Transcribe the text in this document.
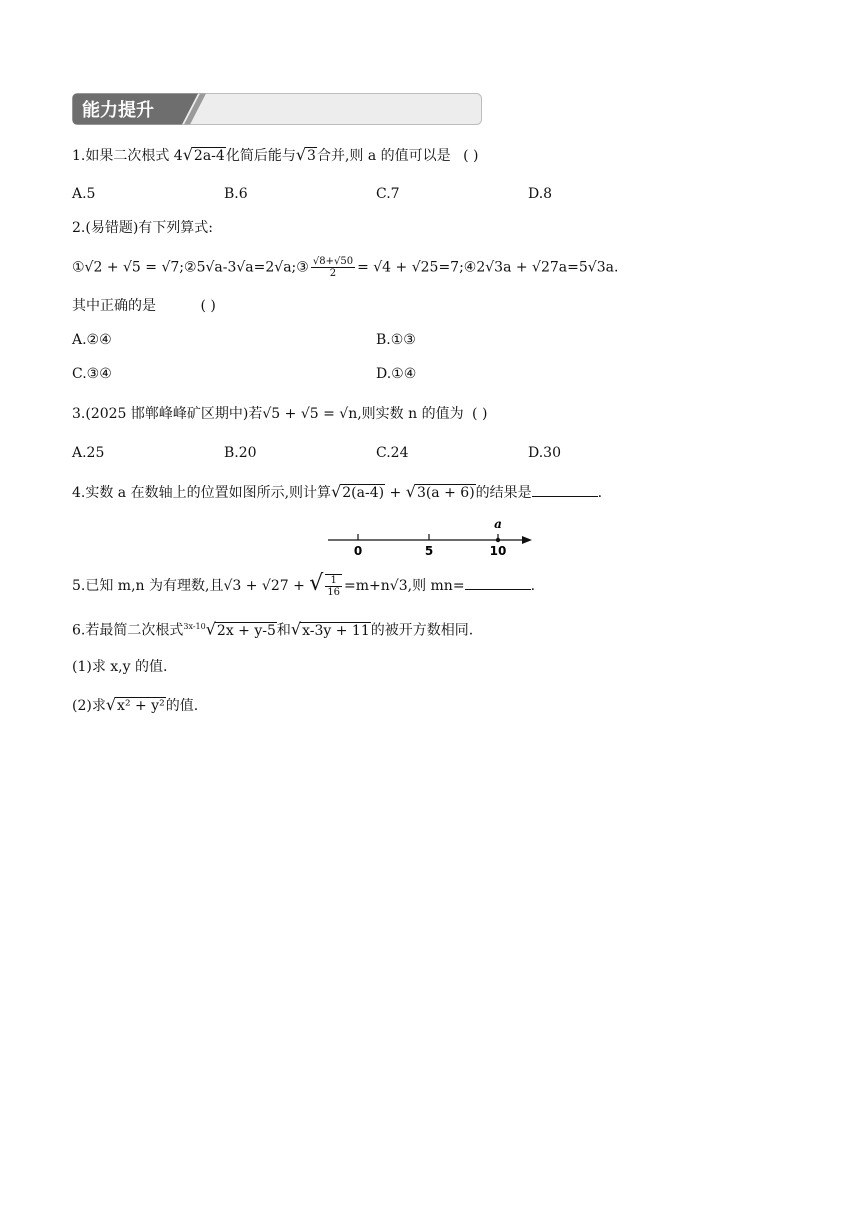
能力提升
1.如果二次根式 4√2a-4化简后能与√3合并,则 a 的值可以是 ( )
A.5	B.6	C.7	D.8
2.(易错题)有下列算式:
①√2 + √5 = √7;②5√a-3√a=2√a;③ $\frac{√8+√50}{2} = √4$ + √25=7;④2√3a + √27a=5√3a.
其中正确的是	( )
A.②④	B.①③
C.③④	D.①④
3.(2025 邯郸峰峰矿区期中)若√5 + √5 = √n,则实数 n 的值为 ( )
A.25	B.20	C.24	D.30
4.实数 a 在数轴上的位置如图所示,则计算√2(a-4) + √3(a + 6)的结果是	.
0	5	10
a
5.已知 m,n 为有理数,且√3 + √27 + √ $\frac{1}{16} =m+n√3$,则 mn=	.
6.若最简二次根式$^{3x-10}$√2x + y-5和√x-3y + 11的被开方数相同.
(1)求 x,y 的值.
(2)求√x² + y²的值.
